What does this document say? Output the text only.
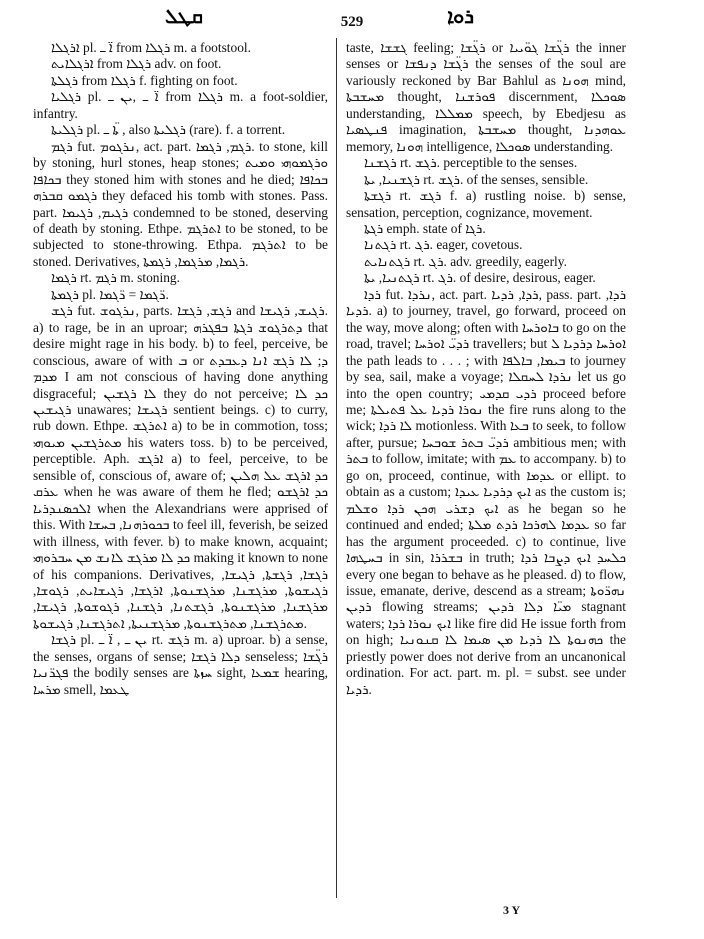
ܩܛܠ	529	ܪܘܐ

ܐܪܓܠܐ pl. ܐ̈ ـ from ܪܓܠܐ m. a footstool.

ܐܪܓܠܐܝܬ from ܪܓܠܐ adv. on foot.

ܪܓܠܬܐ from ܪܓܠܐ f. fighting on foot.

ܪܓܠܝܐ pl. ܐ̈ ـ ,ܝܢ ـ from ܪܓܠܐ m. a foot-soldier, infantry.

ܪܓܠܝܬܐ pl. ܬܐ̈ ـ , also ܪܓܠܝܬܐ (rare). f. a torrent.

ܪܓܡ fut. ܢܪܓܘܡ, act. part. ܪܓܡ, ܪܓܡܐ. to stone, kill by stoning, hurl stones, heap stones; ܘܪܓܡܘܗܝ ܘܡܝܬ ܒܟܐܦܐ they stoned him with stones and he died; ܒܟܐܦܐ ܪܓܡܘ ܩܒܪܗ they defaced his tomb with stones. Pass. part. ܪܓܝܡ, ܪܓܝܡܐ condemned to be stoned, deserving of death by stoning. Ethpe. ܐܬܪܓܡ to be stoned, to be subjected to stone-throwing. Ethpa. ܐܬܪܓܡ to be stoned. Derivatives, ܪܓܡܐ, ܡܪܓܡܐ, ܪܓܡܬܐ.

ܪܓܡܐ rt. ܪܓܡ m. stoning.

ܪܓܡܬܐ pl. ܪ̈ܓܡܐ = ܪ̈ܓܡܐ.

ܪܓܫ fut. ܢܪܓܘܫ, parts. ܪܓܫ, ܪܓܫܐ and ܪܓܝܫ, ܪܓܝܫܐ. a) to rage, be in an uproar; ܕܬܪܓܘܫ ܪܓܬܐ ܒܦܓܪܗ that desire might rage in his body. b) to feel, perceive, be conscious, aware of with ܒ or ܕ; ܠܐ ܪܓܫ ܐܢܐ ܕܥܒܕܬ ܡܕܡ I am not conscious of having done anything disgraceful; ܠܐ ܪܓܫܝܢ they do not perceive; ܟܕ ܠܐ ܪܓܝܫܝܢ unawares; ܪܓܝܫܐ sentient beings. c) to curry, rub down. Ethpe. ܐܬܪܓܫ a) to be in commotion, toss; ܡܬܪܓܫܝܢ ܡܝܘܗܝ his waters toss. b) to be perceived, perceptible. Aph. ܐܪܓܫ a) to feel, perceive, to be sensible of, conscious of, aware of; ܟܕ ܐܪܓܫ ܥܠ ܗܠܝܢ ܥܪܩ when he was aware of them he fled; ܟܕ ܐܪܓܫܘ ܐܠܟܣܢܕܪܝܐ when the Alexandrians were apprised of this. With ܒܟܘܪܗܢܐ, ܒܚܫܐ to feel ill, feverish, be seized with illness, with fever. b) to make known, acquaint; ܟܕ ܠܐ ܡܪܓܫ ܠܐܢܫ ܡܢ ܚܒܪܘܗܝ making it known to none of his companions. Derivatives, ܪܓܫܐ, ܪܓܫܬܐ, ܪܓܝܫܐ, ܪܓܝܫܘܬܐ, ܡܪܓܫܢܐ, ܡܪܓܫܢܘܬܐ, ܐܪܓܫܐ, ܪܓܝܫܐܝܬ, ܪܓܘܫܐ, ܡܪܓܫܢܐ, ܡܪܓܫܢܘܬܐ, ܪܓܫܬܢܐ, ܪܓܫܢܐ, ܪܓܘܫܘܬܐ, ܪܓܝܫܐ, ܡܬܪܓܫܢܐ, ܡܬܪܓܫܢܘܬܐ, ܡܪܓܫܢܝܬܐ, ܐܬܪܓܫܢܐ, ܪܓܝܫܘܬܐ.

ܪܓܫܐ pl. ܝܢ ـ , ܐ̈ ـ rt. ܪܓܫ m. a) uproar. b) a sense, the senses, organs of sense; ܕܠܐ ܪܓܫܐ senseless; ܪܓ̈ܫܐ ܦܓܪ̈ܢܝܐ the bodily senses are ܚܙܬܐ sight, ܫܡܥܐ hearing, ܡܪܚܐ smell, ܛܥܡܐ

taste, ܓܫܫܐ feeling; ܪܓ̈ܫܐ or ܪܓ̈ܫܐ ܓܘ̈ܝܝܐ the inner senses or ܪܓ̈ܫܐ ܕܢܦܫܐ the senses of the soul are variously reckoned by Bar Bahlul as ܗܘܢܐ mind, ܡܚܫܒܬܐ thought, ܦܘܪܫܢܐ discernment, ܣܘܟܠܐ understanding, ܡܡܠܠܐ speech, by Ebedjesu as ܦܢܛܣܝܐ imagination, ܡܚܫܒܬܐ thought, ܥܘܗܕܢܐ memory, ܗܘܢܐ intelligence, ܣܘܟܠܐ understanding.

ܪܓܫܢܐ rt. ܪܓܫ. perceptible to the senses.

ܪܓܫܢܝܐ, ܝܬܐ rt. ܪܓܫ. of the senses, sensible.

ܪܓܫܬܐ rt. ܪܓܫ f. a) rustling noise. b) sense, sensation, perception, cognizance, movement.

ܪܓܬܐ emph. state of ܪܓܐ.

ܪܓܬܢܐ rt. ܪܓ. eager, covetous.

ܪܓܬܢܐܝܬ rt. ܪܓ. adv. greedily, eagerly.

ܪܓܬܢܝܐ, ܝܬܐ rt. ܪܓ. of desire, desirous, eager.

ܪܕܐ fut. ܢܪܕܐ, act. part. ܪܕܐ, ܪܕܝܐ, pass. part. ܪܕܐ, ܪܕܝܐ. a) to journey, travel, go forward, proceed on the way, move along; often with ܒܐܘܪܚܐ to go on the road, travel; ܪܕܝ̈ ܐܘܪܚܐ travellers; but ܐܘܪܚܐ ܕܪܕܝܐ ܠ the path leads to . . . ; with ܒܝܡܐ, ܒܐܠܦܐ to journey by sea, sail, make a voyage; ܢܪܕܐ ܠܚܩܠܐ let us go into the open country; ܪܕܝ ܩܕܡܝ proceed before me; ܢܘܪܐ ܪܕܝܐ ܥܠ ܦܬܝܠܬܐ the fire runs along to the wick; ܠܐ ܪܕܐ motionless. With ܒܥܐ to seek, to follow after, pursue; ܪܕܝ̈ ܒܬܪ ܫܘܒܚܐ ambitious men; with ܒܬܪ to follow, imitate; with ܥܡ to accompany. b) to go on, proceed, continue, with ܥܕܡܐ or ellipt. to obtain as a custom; ܐܝܟ ܕܪܕܝܐ ܥܝܕܐ as the custom is; ܐܝܟ ܕܫܪܝ ܗܟܢ ܪܕܐ ܘܫܠܡ as he began so he continued and ended; ܥܕܡܐ ܠܗܪܟܐ ܪܕܬ ܡܠܬܐ so far has the argument proceeded. c) to continue, live ܒܚܛܗܐ in sin, ܒܫܪܪܐ in truth; ܟܠܚܕ ܐܝܟ ܕܨܒܐ ܪܕܐ every one began to behave as he pleased. d) to flow, issue, emanate, derive, descend as a stream; ܢܗܪ̈ܘܬܐ ܪܕܝܢ flowing streams; ܡܝ̈ܐ ܕܠܐ ܪܕܝܢ stagnant waters; ܐܝܟ ܢܘܪܐ ܪܕܐ like fire did He issue forth from on high; ܟܗܢܘܬܐ ܠܐ ܪܕܝܐ ܡܢ ܣܝܡܐ ܠܐ ܩܢܘܢܝܐ the priestly power does not derive from an uncanonical ordination. For act. part. m. pl. = subst. see under ܪܕܝܐ.

3 Y
